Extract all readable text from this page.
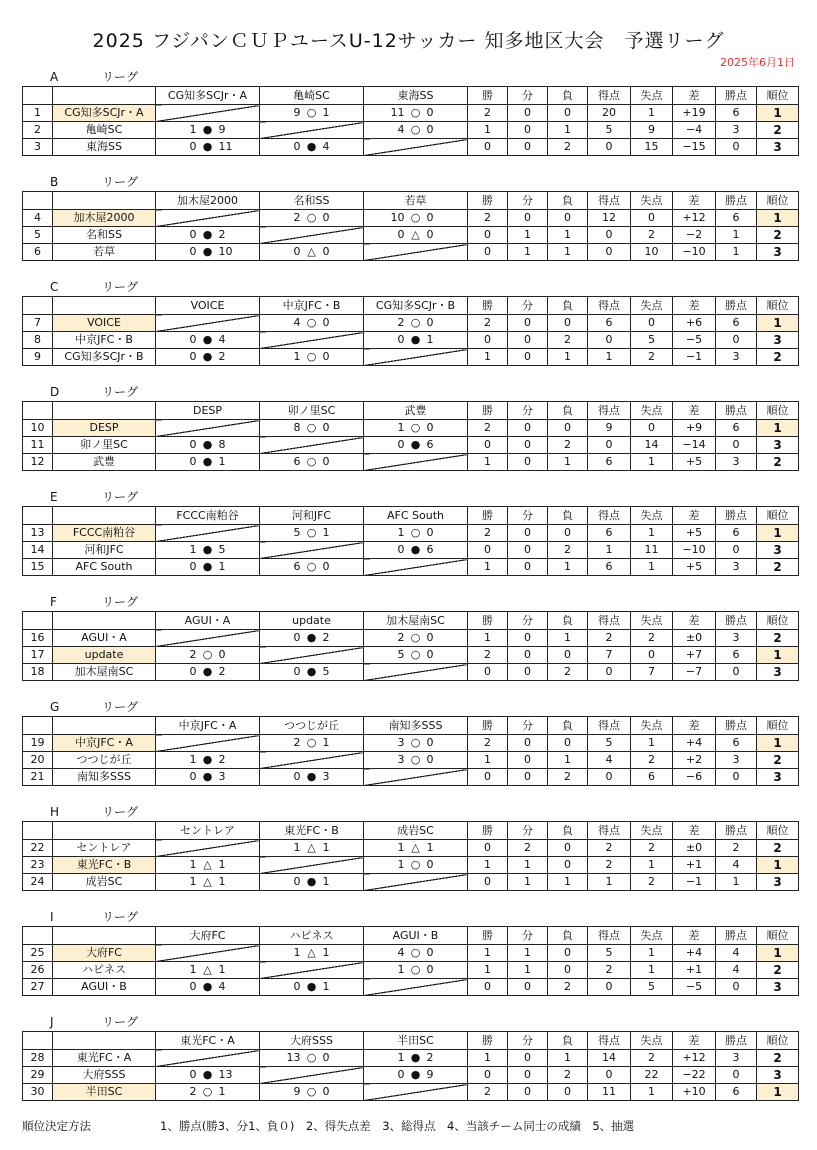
2025 フジパンＣＵＰユースU-12サッカー 知多地区大会　予選リーグ
2025年6月1日
A	リーグ
		CG知多SCJr・A	亀崎SC	東海SS	勝	分	負	得点	失点	差	勝点	順位
1	CG知多SCJr・A		9 ○ 1	11 ○ 0	2	0	0	20	1	+19	6	1
2	亀崎SC	1 ● 9		4 ○ 0	1	0	1	5	9	−4	3	2
3	東海SS	0 ● 11	0 ● 4		0	0	2	0	15	−15	0	3
B	リーグ
		加木屋2000	名和SS	若草	勝	分	負	得点	失点	差	勝点	順位
4	加木屋2000		2 ○ 0	10 ○ 0	2	0	0	12	0	+12	6	1
5	名和SS	0 ● 2		0 △ 0	0	1	1	0	2	−2	1	2
6	若草	0 ● 10	0 △ 0		0	1	1	0	10	−10	1	3
C	リーグ
		VOICE	中京JFC・B	CG知多SCJr・B	勝	分	負	得点	失点	差	勝点	順位
7	VOICE		4 ○ 0	2 ○ 0	2	0	0	6	0	+6	6	1
8	中京JFC・B	0 ● 4		0 ● 1	0	0	2	0	5	−5	0	3
9	CG知多SCJr・B	0 ● 2	1 ○ 0		1	0	1	1	2	−1	3	2
D	リーグ
		DESP	卯ノ里SC	武豊	勝	分	負	得点	失点	差	勝点	順位
10	DESP		8 ○ 0	1 ○ 0	2	0	0	9	0	+9	6	1
11	卯ノ里SC	0 ● 8		0 ● 6	0	0	2	0	14	−14	0	3
12	武豊	0 ● 1	6 ○ 0		1	0	1	6	1	+5	3	2
E	リーグ
		FCCC南粕谷	河和JFC	AFC South	勝	分	負	得点	失点	差	勝点	順位
13	FCCC南粕谷		5 ○ 1	1 ○ 0	2	0	0	6	1	+5	6	1
14	河和JFC	1 ● 5		0 ● 6	0	0	2	1	11	−10	0	3
15	AFC South	0 ● 1	6 ○ 0		1	0	1	6	1	+5	3	2
F	リーグ
		AGUI・A	update	加木屋南SC	勝	分	負	得点	失点	差	勝点	順位
16	AGUI・A		0 ● 2	2 ○ 0	1	0	1	2	2	±0	3	2
17	update	2 ○ 0		5 ○ 0	2	0	0	7	0	+7	6	1
18	加木屋南SC	0 ● 2	0 ● 5		0	0	2	0	7	−7	0	3
G	リーグ
		中京JFC・A	つつじが丘	南知多SSS	勝	分	負	得点	失点	差	勝点	順位
19	中京JFC・A		2 ○ 1	3 ○ 0	2	0	0	5	1	+4	6	1
20	つつじが丘	1 ● 2		3 ○ 0	1	0	1	4	2	+2	3	2
21	南知多SSS	0 ● 3	0 ● 3		0	0	2	0	6	−6	0	3
H	リーグ
		セントレア	東光FC・B	成岩SC	勝	分	負	得点	失点	差	勝点	順位
22	セントレア		1 △ 1	1 △ 1	0	2	0	2	2	±0	2	2
23	東光FC・B	1 △ 1		1 ○ 0	1	1	0	2	1	+1	4	1
24	成岩SC	1 △ 1	0 ● 1		0	1	1	1	2	−1	1	3
I	リーグ
		大府FC	ハピネス	AGUI・B	勝	分	負	得点	失点	差	勝点	順位
25	大府FC		1 △ 1	4 ○ 0	1	1	0	5	1	+4	4	1
26	ハピネス	1 △ 1		1 ○ 0	1	1	0	2	1	+1	4	2
27	AGUI・B	0 ● 4	0 ● 1		0	0	2	0	5	−5	0	3
J	リーグ
		東光FC・A	大府SSS	半田SC	勝	分	負	得点	失点	差	勝点	順位
28	東光FC・A		13 ○ 0	1 ● 2	1	0	1	14	2	+12	3	2
29	大府SSS	0 ● 13		0 ● 9	0	0	2	0	22	−22	0	3
30	半田SC	2 ○ 1	9 ○ 0		2	0	0	11	1	+10	6	1
順位決定方法	1、勝点(勝3、分1、負０)　2、得失点差　3、総得点　4、当該チーム同士の成績　5、抽選
